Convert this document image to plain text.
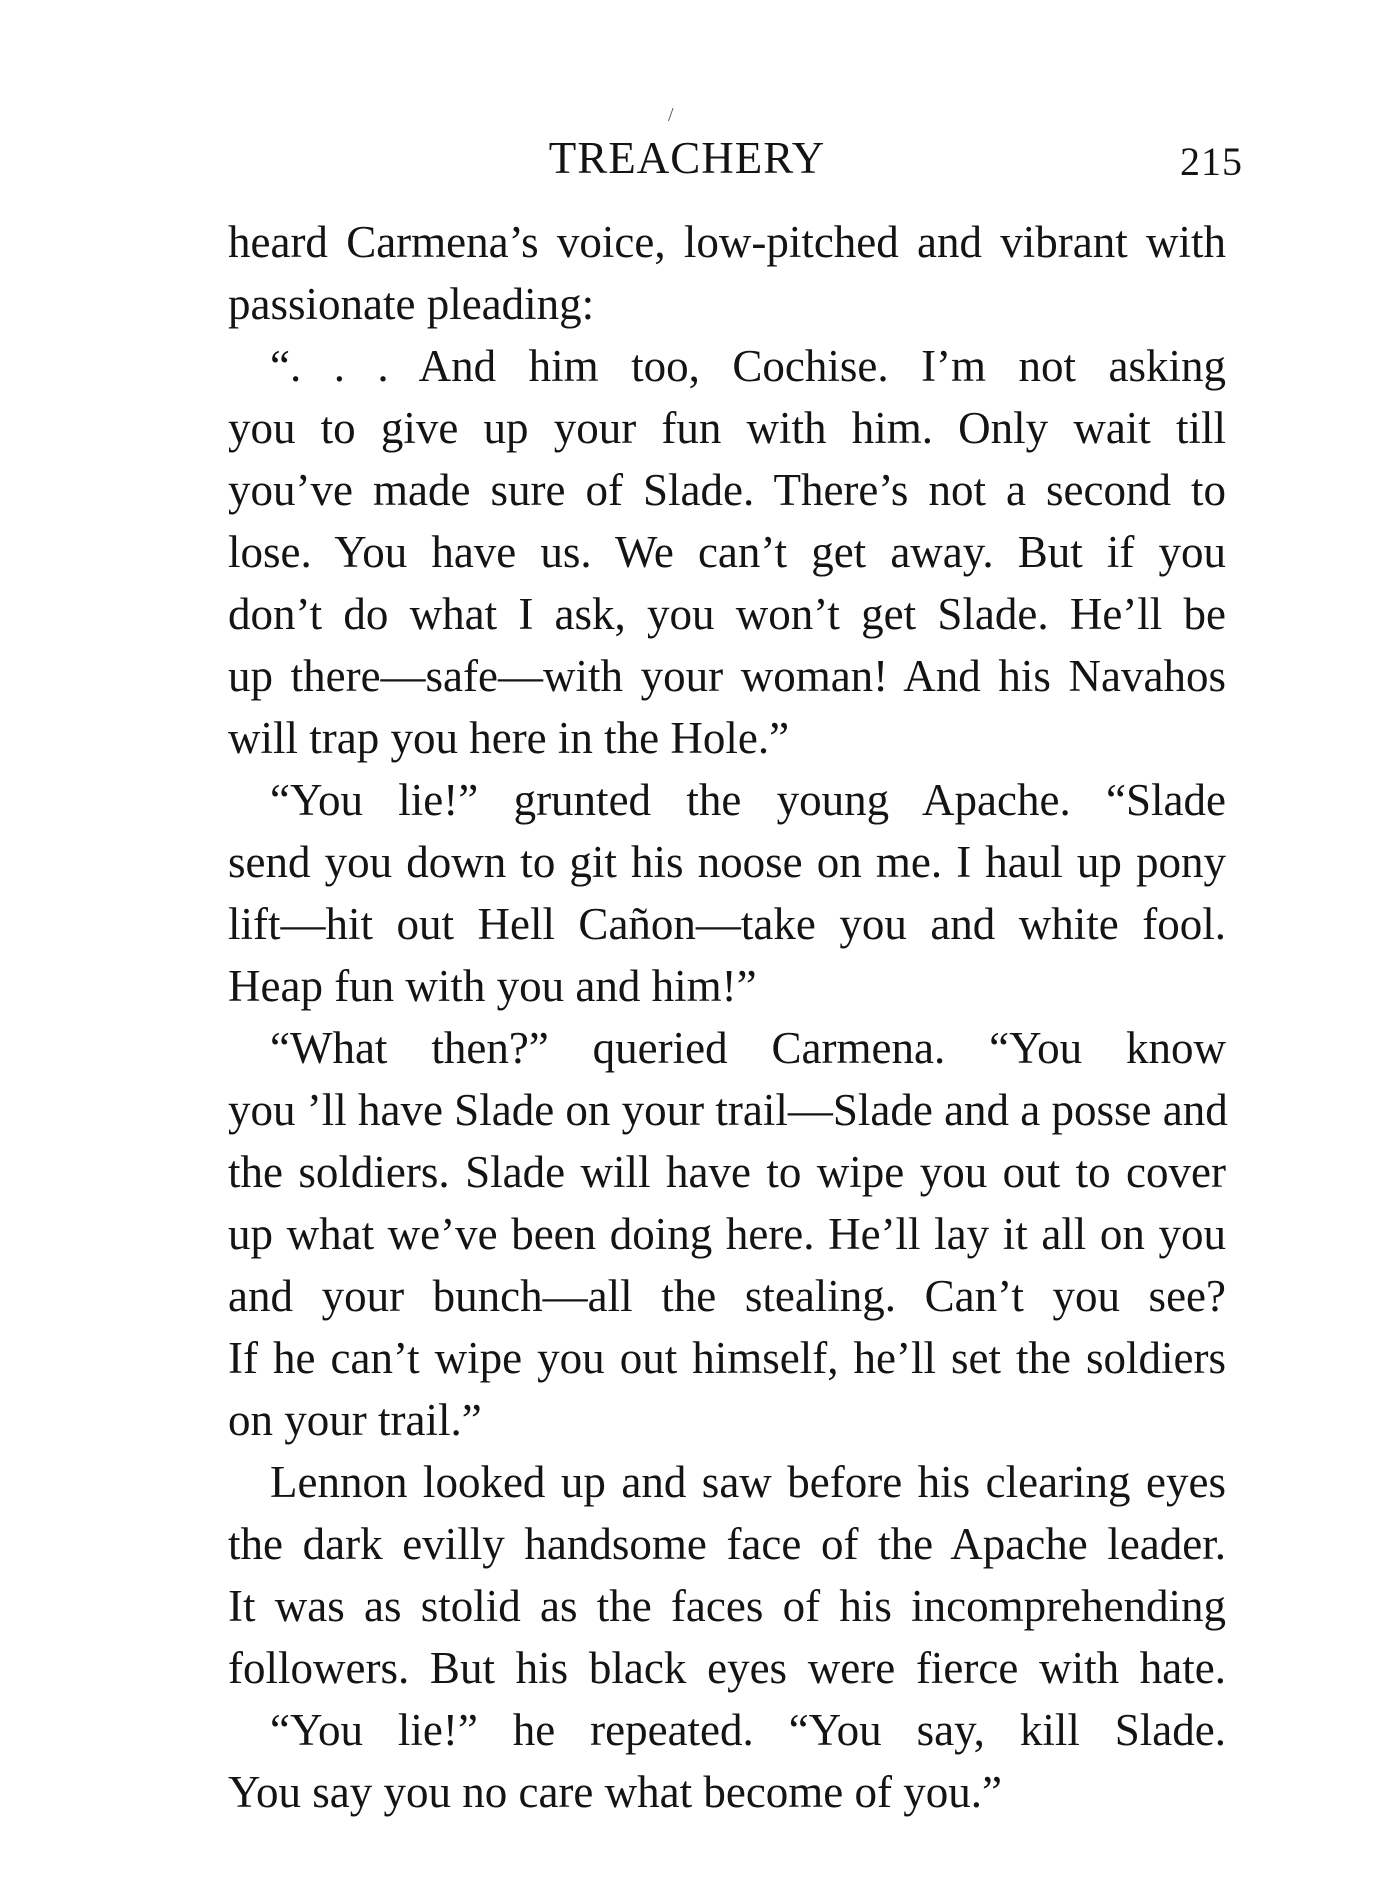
TREACHERY	215
/
heard Carmena’s voice, low-pitched and vibrant with
passionate pleading:
“. . . And him too, Cochise. I’m not asking
you to give up your fun with him. Only wait till
you’ve made sure of Slade. There’s not a second to
lose. You have us. We can’t get away. But if you
don’t do what I ask, you won’t get Slade. He’ll be
up there—safe—with your woman! And his Navahos
will trap you here in the Hole.”
“You lie!” grunted the young Apache. “Slade
send you down to git his noose on me. I haul up pony
lift—hit out Hell Cañon—take you and white fool.
Heap fun with you and him!”
“What then?” queried Carmena. “You know
you ’ll have Slade on your trail—Slade and a posse and
the soldiers. Slade will have to wipe you out to cover
up what we’ve been doing here. He’ll lay it all on you
and your bunch—all the stealing. Can’t you see?
If he can’t wipe you out himself, he’ll set the soldiers
on your trail.”
Lennon looked up and saw before his clearing eyes
the dark evilly handsome face of the Apache leader.
It was as stolid as the faces of his incomprehending
followers. But his black eyes were fierce with hate.
“You lie!” he repeated. “You say, kill Slade.
You say you no care what become of you.”
